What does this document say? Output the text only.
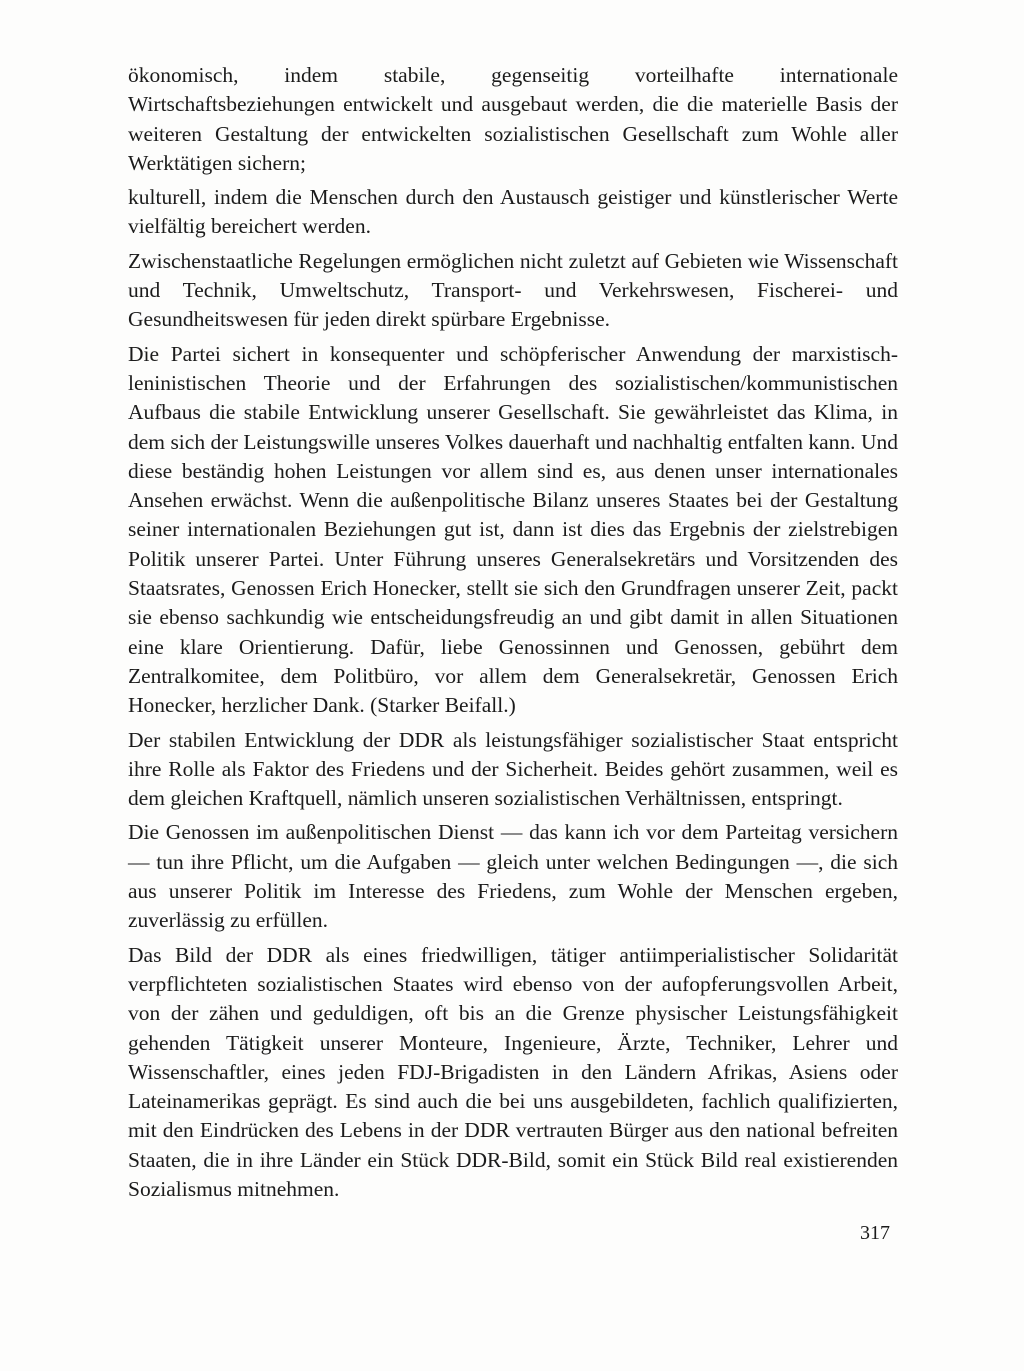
ökonomisch, indem stabile, gegenseitig vorteilhafte internationale Wirtschaftsbeziehungen entwickelt und ausgebaut werden, die die materielle Basis der weiteren Gestaltung der entwickelten sozialistischen Gesellschaft zum Wohle aller Werktätigen sichern;

kulturell, indem die Menschen durch den Austausch geistiger und künstlerischer Werte vielfältig bereichert werden.

Zwischenstaatliche Regelungen ermöglichen nicht zuletzt auf Gebieten wie Wissenschaft und Technik, Umweltschutz, Transport- und Verkehrswesen, Fischerei- und Gesundheitswesen für jeden direkt spürbare Ergebnisse.

Die Partei sichert in konsequenter und schöpferischer Anwendung der marxistisch-leninistischen Theorie und der Erfahrungen des sozialistischen/kommunistischen Aufbaus die stabile Entwicklung unserer Gesellschaft. Sie gewährleistet das Klima, in dem sich der Leistungswille unseres Volkes dauerhaft und nachhaltig entfalten kann. Und diese beständig hohen Leistungen vor allem sind es, aus denen unser internationales Ansehen erwächst. Wenn die außenpolitische Bilanz unseres Staates bei der Gestaltung seiner internationalen Beziehungen gut ist, dann ist dies das Ergebnis der zielstrebigen Politik unserer Partei. Unter Führung unseres Generalsekretärs und Vorsitzenden des Staatsrates, Genossen Erich Honecker, stellt sie sich den Grundfragen unserer Zeit, packt sie ebenso sachkundig wie entscheidungsfreudig an und gibt damit in allen Situationen eine klare Orientierung. Dafür, liebe Genossinnen und Genossen, gebührt dem Zentralkomitee, dem Politbüro, vor allem dem Generalsekretär, Genossen Erich Honecker, herzlicher Dank. (Starker Beifall.)

Der stabilen Entwicklung der DDR als leistungsfähiger sozialistischer Staat entspricht ihre Rolle als Faktor des Friedens und der Sicherheit. Beides gehört zusammen, weil es dem gleichen Kraftquell, nämlich unseren sozialistischen Verhältnissen, entspringt.

Die Genossen im außenpolitischen Dienst — das kann ich vor dem Parteitag versichern — tun ihre Pflicht, um die Aufgaben — gleich unter welchen Bedingungen —, die sich aus unserer Politik im Interesse des Friedens, zum Wohle der Menschen ergeben, zuverlässig zu erfüllen.

Das Bild der DDR als eines friedwilligen, tätiger antiimperialistischer Solidarität verpflichteten sozialistischen Staates wird ebenso von der aufopferungsvollen Arbeit, von der zähen und geduldigen, oft bis an die Grenze physischer Leistungsfähigkeit gehenden Tätigkeit unserer Monteure, Ingenieure, Ärzte, Techniker, Lehrer und Wissenschaftler, eines jeden FDJ-Brigadisten in den Ländern Afrikas, Asiens oder Lateinamerikas geprägt. Es sind auch die bei uns ausgebildeten, fachlich qualifizierten, mit den Eindrücken des Lebens in der DDR vertrauten Bürger aus den national befreiten Staaten, die in ihre Länder ein Stück DDR-Bild, somit ein Stück Bild real existierenden Sozialismus mitnehmen.

317
